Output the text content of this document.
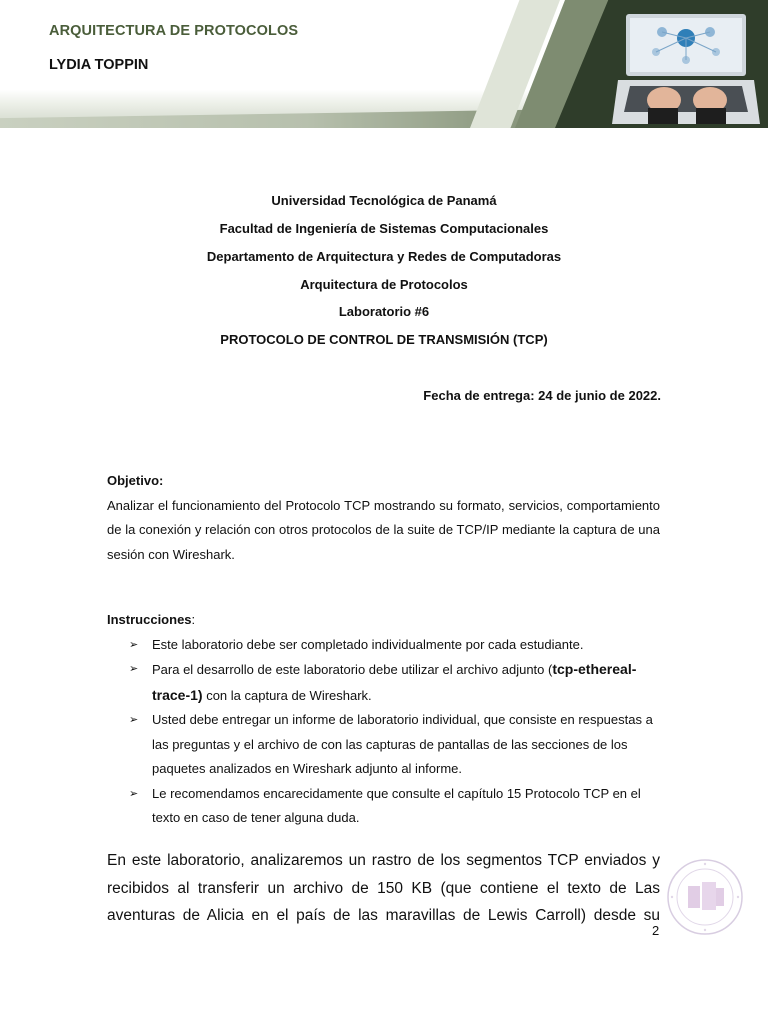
ARQUITECTURA DE PROTOCOLOS
LYDIA TOPPIN
Universidad Tecnológica de Panamá
Facultad de Ingeniería de Sistemas Computacionales
Departamento de Arquitectura y Redes de Computadoras
Arquitectura de Protocolos
Laboratorio #6
PROTOCOLO DE CONTROL DE TRANSMISIÓN (TCP)
Fecha de entrega: 24 de junio de 2022.
Objetivo:
Analizar el funcionamiento del Protocolo TCP mostrando su formato, servicios, comportamiento de la conexión y relación con otros protocolos de la suite de TCP/IP mediante la captura de una sesión con Wireshark.
Instrucciones:
➢	Este laboratorio debe ser completado individualmente por cada estudiante.
➢	Para el desarrollo de este laboratorio debe utilizar el archivo adjunto (tcp-ethereal-trace-1) con la captura de Wireshark.
➢	Usted debe entregar un informe de laboratorio individual, que consiste en respuestas a las preguntas y el archivo de con las capturas de pantallas de las secciones de los paquetes analizados en Wireshark adjunto al informe.
➢	Le recomendamos encarecidamente que consulte el capítulo 15 Protocolo TCP en el texto en caso de tener alguna duda.
En este laboratorio, analizaremos un rastro de los segmentos TCP enviados y recibidos al transferir un archivo de 150 KB (que contiene el texto de Las aventuras de Alicia en el país de las maravillas de Lewis Carroll) desde su
2
